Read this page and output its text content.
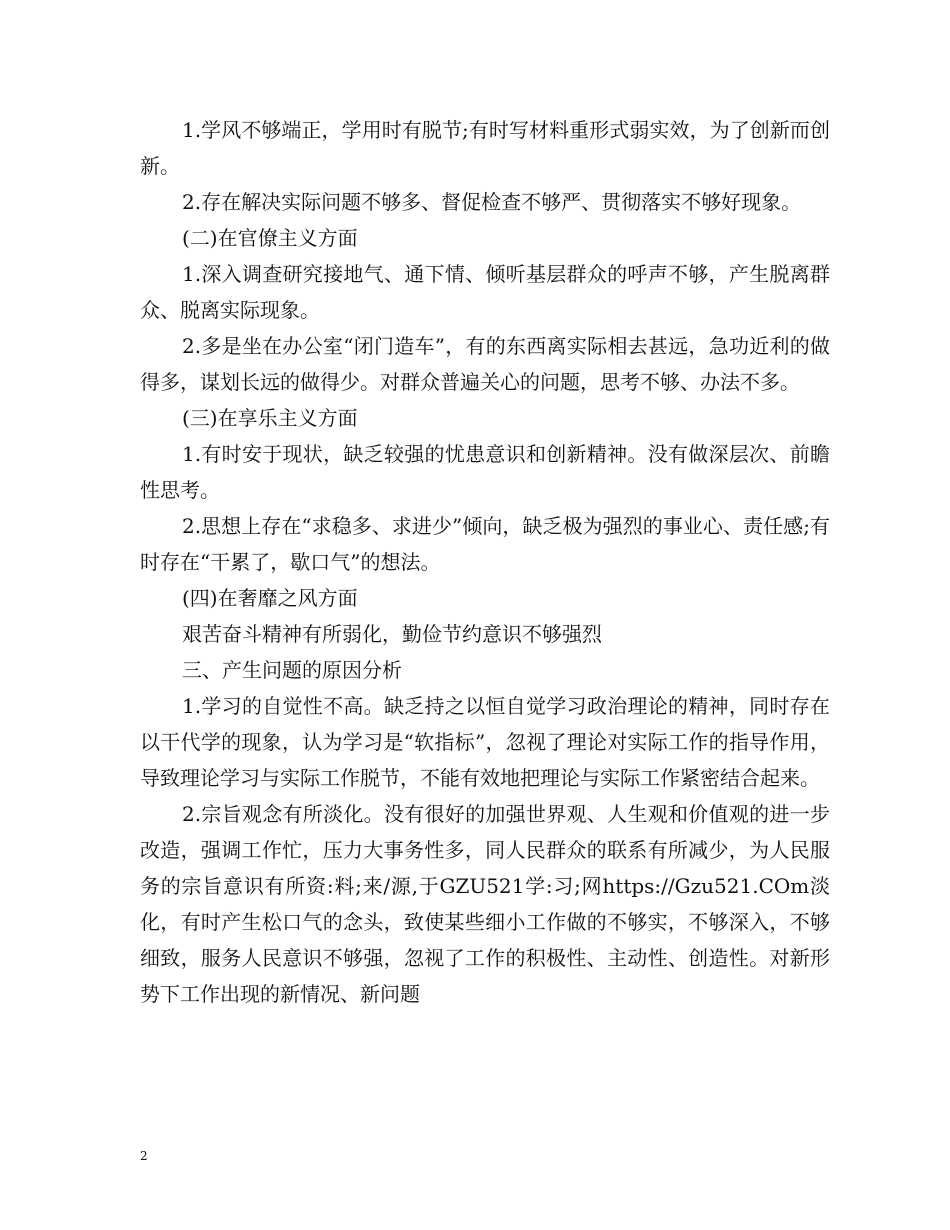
1.学风不够端正，学用时有脱节;有时写材料重形式弱实效，为了创新而创新。

2.存在解决实际问题不够多、督促检查不够严、贯彻落实不够好现象。

(二)在官僚主义方面

1.深入调查研究接地气、通下情、倾听基层群众的呼声不够，产生脱离群众、脱离实际现象。

2.多是坐在办公室“闭门造车”，有的东西离实际相去甚远，急功近利的做得多，谋划长远的做得少。对群众普遍关心的问题，思考不够、办法不多。

(三)在享乐主义方面

1.有时安于现状，缺乏较强的忧患意识和创新精神。没有做深层次、前瞻性思考。

2.思想上存在“求稳多、求进少”倾向，缺乏极为强烈的事业心、责任感;有时存在“干累了，歇口气”的想法。

(四)在奢靡之风方面

艰苦奋斗精神有所弱化，勤俭节约意识不够强烈

三、产生问题的原因分析

1.学习的自觉性不高。缺乏持之以恒自觉学习政治理论的精神，同时存在以干代学的现象，认为学习是“软指标”，忽视了理论对实际工作的指导作用，导致理论学习与实际工作脱节，不能有效地把理论与实际工作紧密结合起来。

2.宗旨观念有所淡化。没有很好的加强世界观、人生观和价值观的进一步改造，强调工作忙，压力大事务性多，同人民群众的联系有所减少，为人民服务的宗旨意识有所资:料;来/源,于GZU521学:习;网https://Gzu521.COm淡化，有时产生松口气的念头，致使某些细小工作做的不够实，不够深入，不够细致，服务人民意识不够强，忽视了工作的积极性、主动性、创造性。对新形势下工作出现的新情况、新问题

2
